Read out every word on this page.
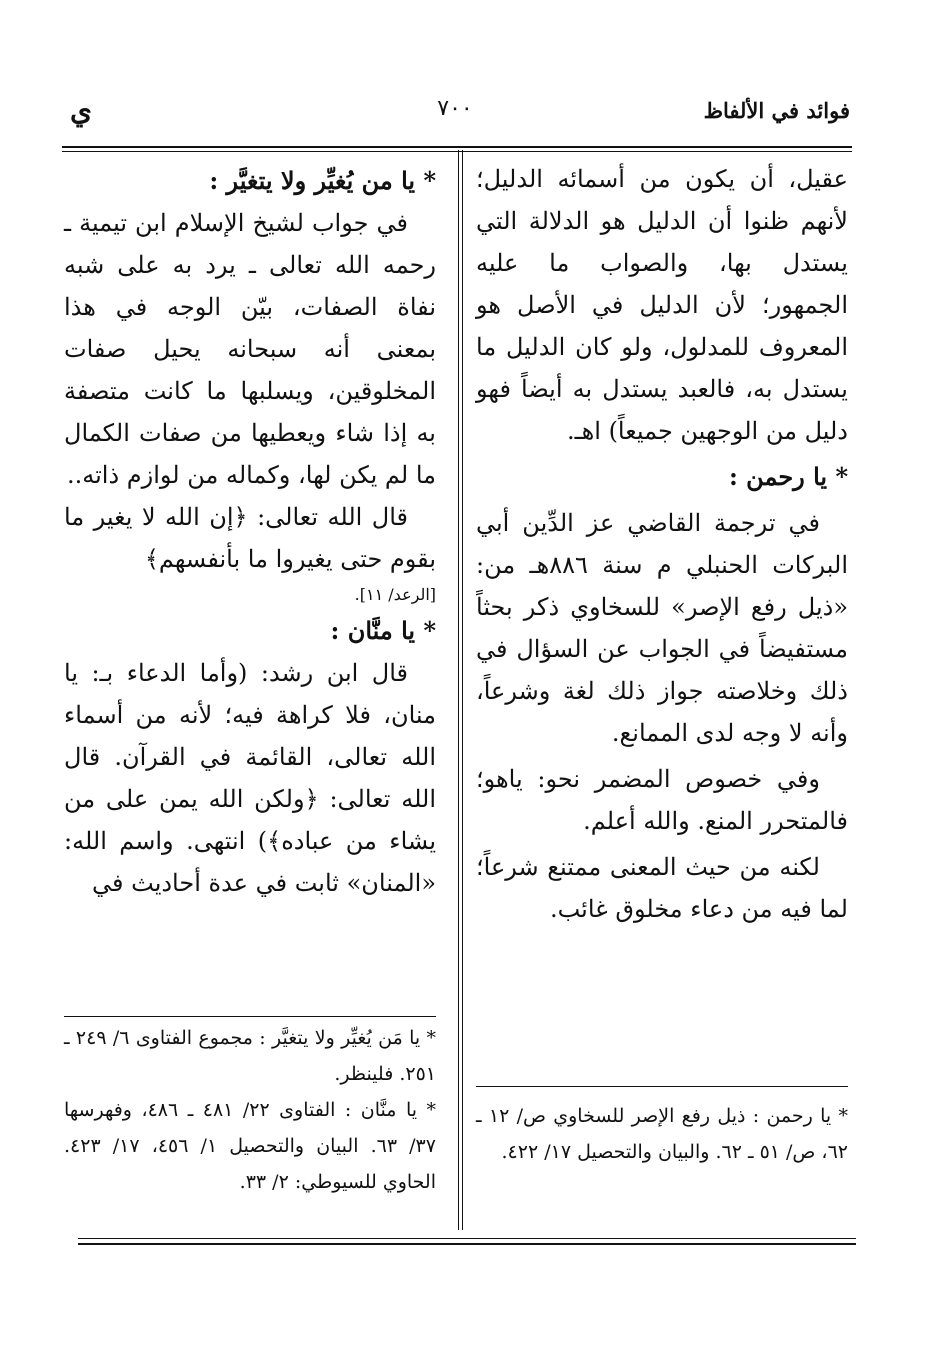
فوائد في الألفاظ
٧٠٠
ي

عقيل، أن يكون من أسمائه الدليل؛ لأنهم ظنوا أن الدليل هو الدلالة التي يستدل بها، والصواب ما عليه الجمهور؛ لأن الدليل في الأصل هو المعروف للمدلول، ولو كان الدليل ما يستدل به، فالعبد يستدل به أيضاً فهو دليل من الوجهين جميعاً) اهـ.

* يا رحمن :

في ترجمة القاضي عز الدِّين أبي البركات الحنبلي م سنة ٨٨٦هـ من: «ذيل رفع الإصر» للسخاوي ذكر بحثاً مستفيضاً في الجواب عن السؤال في ذلك وخلاصته جواز ذلك لغة وشرعاً، وأنه لا وجه لدى الممانع.

وفي خصوص المضمر نحو: ياهو؛ فالمتحرر المنع. والله أعلم.

لكنه من حيث المعنى ممتنع شرعاً؛ لما فيه من دعاء مخلوق غائب.

* يا من يُغيِّر ولا يتغيَّر :

في جواب لشيخ الإسلام ابن تيمية ـ رحمه الله تعالى ـ يرد به على شبه نفاة الصفات، بيّن الوجه في هذا بمعنى أنه سبحانه يحيل صفات المخلوقين، ويسلبها ما كانت متصفة به إذا شاء ويعطيها من صفات الكمال ما لم يكن لها، وكماله من لوازم ذاته..

قال الله تعالى: ﴿إن الله لا يغير ما بقوم حتى يغيروا ما بأنفسهم﴾

[الرعد/ ١١].

* يا منَّان :

قال ابن رشد: (وأما الدعاء بـ: يا منان، فلا كراهة فيه؛ لأنه من أسماء الله تعالى، القائمة في القرآن. قال الله تعالى: ﴿ولكن الله يمن على من يشاء من عباده﴾) انتهى. واسم الله: «المنان» ثابت في عدة أحاديث في

* يا رحمن : ذيل رفع الإصر للسخاوي ص/ ١٢ ـ ٦٢، ص/ ٥١ ـ ٦٢. والبيان والتحصيل ١٧/ ٤٢٢.

* يا مَن يُغيِّر ولا يتغيَّر : مجموع الفتاوى ٦/ ٢٤٩ ـ ٢٥١. فلينظر.

* يا منَّان : الفتاوى ٢٢/ ٤٨١ ـ ٤٨٦، وفهرسها ٣٧/ ٦٣. البيان والتحصيل ١/ ٤٥٦، ١٧/ ٤٢٣. الحاوي للسيوطي: ٢/ ٣٣.
